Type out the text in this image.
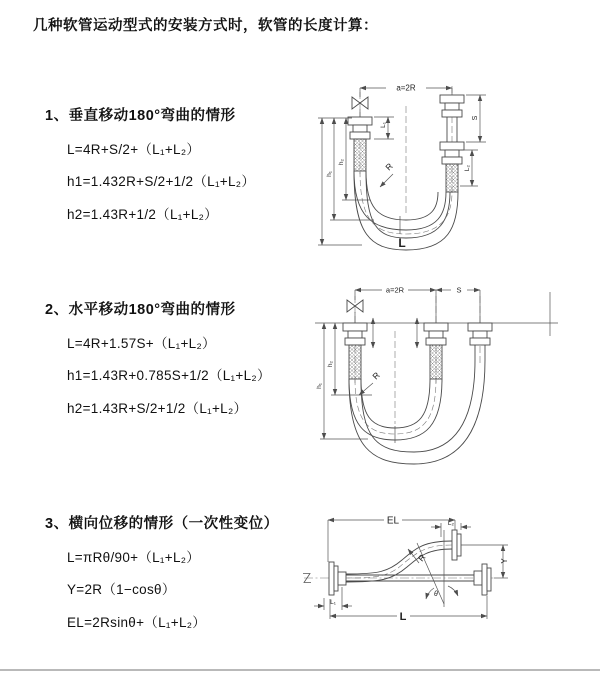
几种软管运动型式的安装方式时，软管的长度计算：
1、垂直移动180°弯曲的情形
L=4R+S/2+（L₁+L₂）
h1=1.432R+S/2+1/2（L₁+L₂）
h2=1.43R+1/2（L₁+L₂）
2、水平移动180°弯曲的情形
L=4R+1.57S+（L₁+L₂）
h1=1.43R+0.785S+1/2（L₁+L₂）
h2=1.43R+S/2+1/2（L₁+L₂）
3、横向位移的情形（一次性变位）
L=πRθ/90+（L₁+L₂）
Y=2R（1−cosθ）
EL=2Rsinθ+（L₁+L₂）
a=2R
L₁
S
L₂
h₁
h₂	R
L
a=2R	S
h₁
h₂
R
EL	L₂
Y
R
θ
L
L₁
